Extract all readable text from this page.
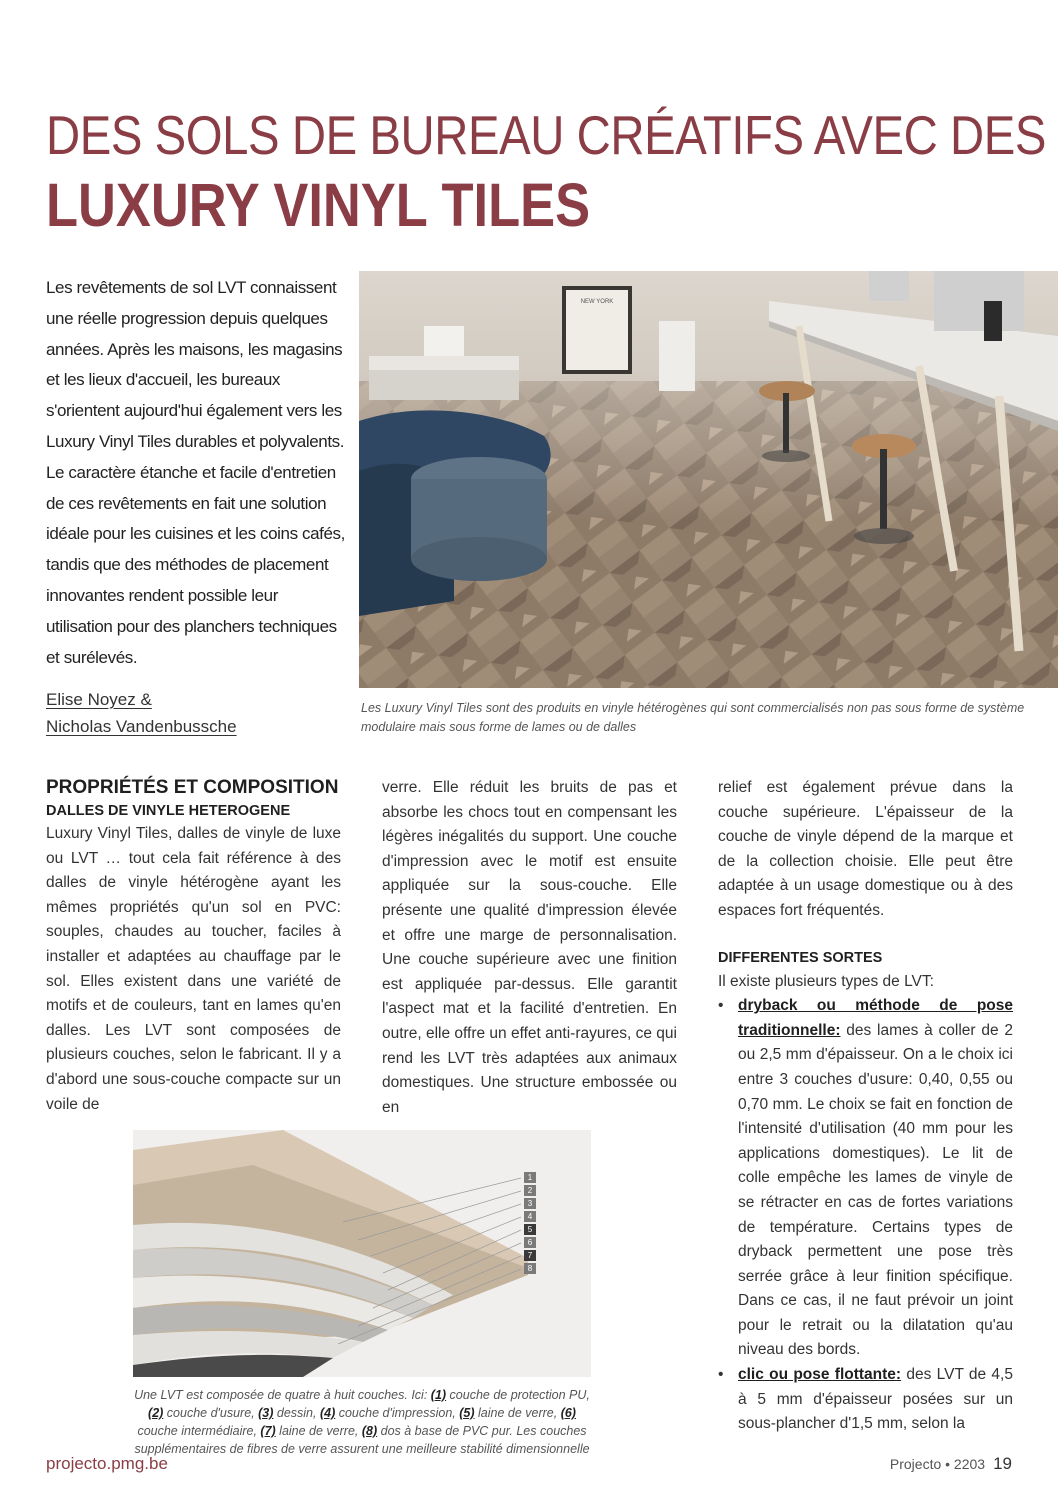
DES SOLS DE BUREAU CRÉATIFS AVEC DES
LUXURY VINYL TILES

Les revêtements de sol LVT connaissent une réelle progression depuis quelques années. Après les maisons, les magasins et les lieux d'accueil, les bureaux s'orientent aujourd'hui également vers les Luxury Vinyl Tiles durables et polyvalents. Le caractère étanche et facile d'entretien de ces revêtements en fait une solution idéale pour les cuisines et les coins cafés, tandis que des méthodes de placement innovantes rendent possible leur utilisation pour des planchers techniques et surélevés.

Elise Noyez &
Nicholas Vandenbussche
NEW YORK
Les Luxury Vinyl Tiles sont des produits en vinyle hétérogènes qui sont commercialisés non pas sous forme de système modulaire mais sous forme de lames ou de dalles
PROPRIÉTÉS ET COMPOSITION
DALLES DE VINYLE HETEROGENE

Luxury Vinyl Tiles, dalles de vinyle de luxe ou LVT … tout cela fait référence à des dalles de vinyle hétérogène ayant les mêmes propriétés qu'un sol en PVC: souples, chaudes au toucher, faciles à installer et adaptées au chauffage par le sol. Elles existent dans une variété de motifs et de couleurs, tant en lames qu'en dalles. Les LVT sont composées de plusieurs couches, selon le fabricant. Il y a d'abord une sous-couche compacte sur un voile de

verre. Elle réduit les bruits de pas et absorbe les chocs tout en compensant les légères inégalités du support. Une couche d'impression avec le motif est ensuite appliquée sur la sous-couche. Elle présente une qualité d'impression élevée et offre une marge de personnalisation. Une couche supérieure avec une finition est appliquée par-dessus. Elle garantit l'aspect mat et la facilité d'entretien. En outre, elle offre un effet anti-rayures, ce qui rend les LVT très adaptées aux animaux domestiques. Une structure embossée ou en

relief est également prévue dans la couche supérieure. L'épaisseur de la couche de vinyle dépend de la marque et de la collection choisie. Elle peut être adaptée à un usage domestique ou à des espaces fort fréquentés.

DIFFERENTES SORTES

Il existe plusieurs types de LVT:

• dryback ou méthode de pose traditionnelle: des lames à coller de 2 ou 2,5 mm d'épaisseur. On a le choix ici entre 3 couches d'usure: 0,40, 0,55 ou 0,70 mm. Le choix se fait en fonction de l'intensité d'utilisation (40 mm pour les applications domestiques). Le lit de colle empêche les lames de vinyle de se rétracter en cas de fortes variations de température. Certains types de dryback permettent une pose très serrée grâce à leur finition spécifique. Dans ce cas, il ne faut prévoir un joint pour le retrait ou la dilatation qu'au niveau des bords.
• clic ou pose flottante: des LVT de 4,5 à 5 mm d'épaisseur posées sur un sous-plancher d'1,5 mm, selon la
1
2
3
4
5
6
7
8
Une LVT est composée de quatre à huit couches. Ici: (1) couche de protection PU, (2) couche d'usure, (3) dessin, (4) couche d'impression, (5) laine de verre, (6) couche intermédiaire, (7) laine de verre, (8) dos à base de PVC pur. Les couches supplémentaires de fibres de verre assurent une meilleure stabilité dimensionnelle
projecto.pmg.be	Projecto • 2203 19
